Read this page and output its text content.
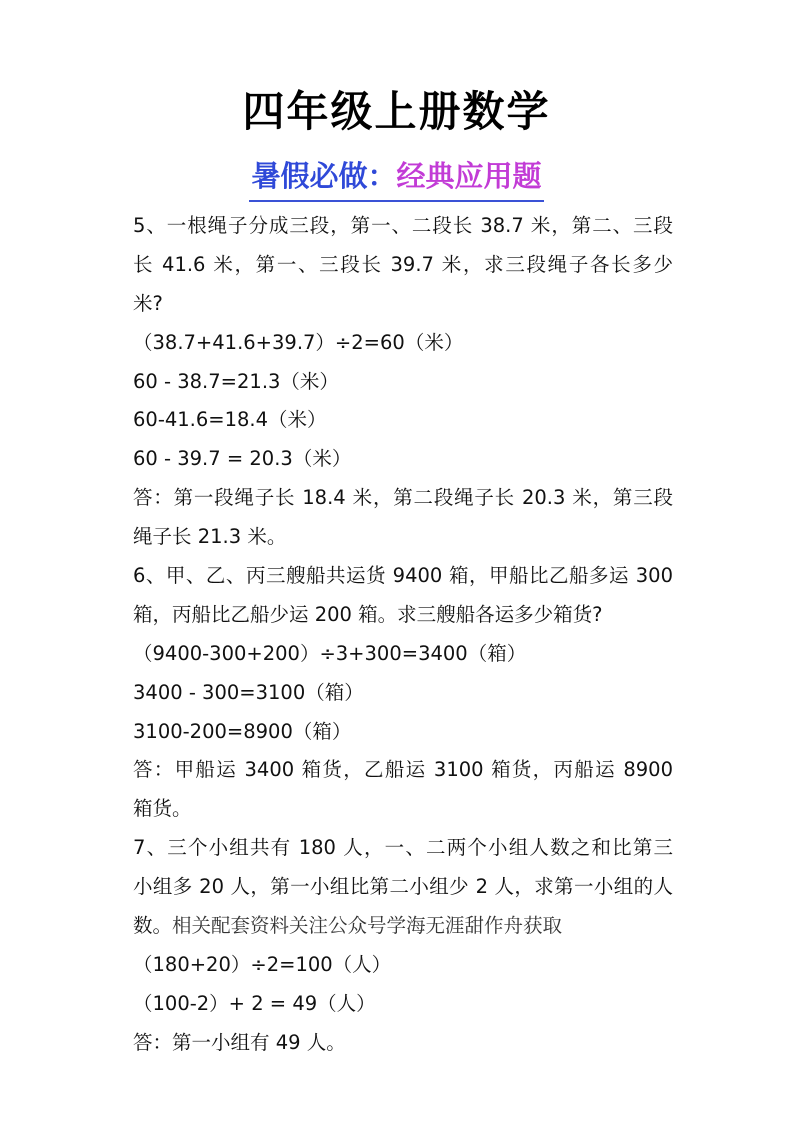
四年级上册数学
暑假必做：经典应用题
5、一根绳子分成三段，第一、二段长 38.7 米，第二、三段
长 41.6 米，第一、三段长 39.7 米，求三段绳子各长多少
米?
（38.7+41.6+39.7）÷2=60（米）
60 - 38.7=21.3（米）
60-41.6=18.4（米）
60 - 39.7 = 20.3（米）
答：第一段绳子长 18.4 米，第二段绳子长 20.3 米，第三段
绳子长 21.3 米。
6、甲、乙、丙三艘船共运货 9400 箱，甲船比乙船多运 300
箱，丙船比乙船少运 200 箱。求三艘船各运多少箱货?
（9400-300+200）÷3+300=3400（箱）
3400 - 300=3100（箱）
3100-200=8900（箱）
答：甲船运 3400 箱货，乙船运 3100 箱货，丙船运 8900
箱货。
7、三个小组共有 180 人，一、二两个小组人数之和比第三
小组多 20 人，第一小组比第二小组少 2 人，求第一小组的人
数。相关配套资料关注公众号学海无涯甜作舟获取
（180+20）÷2=100（人）
（100-2）+ 2 = 49（人）
答：第一小组有 49 人。
